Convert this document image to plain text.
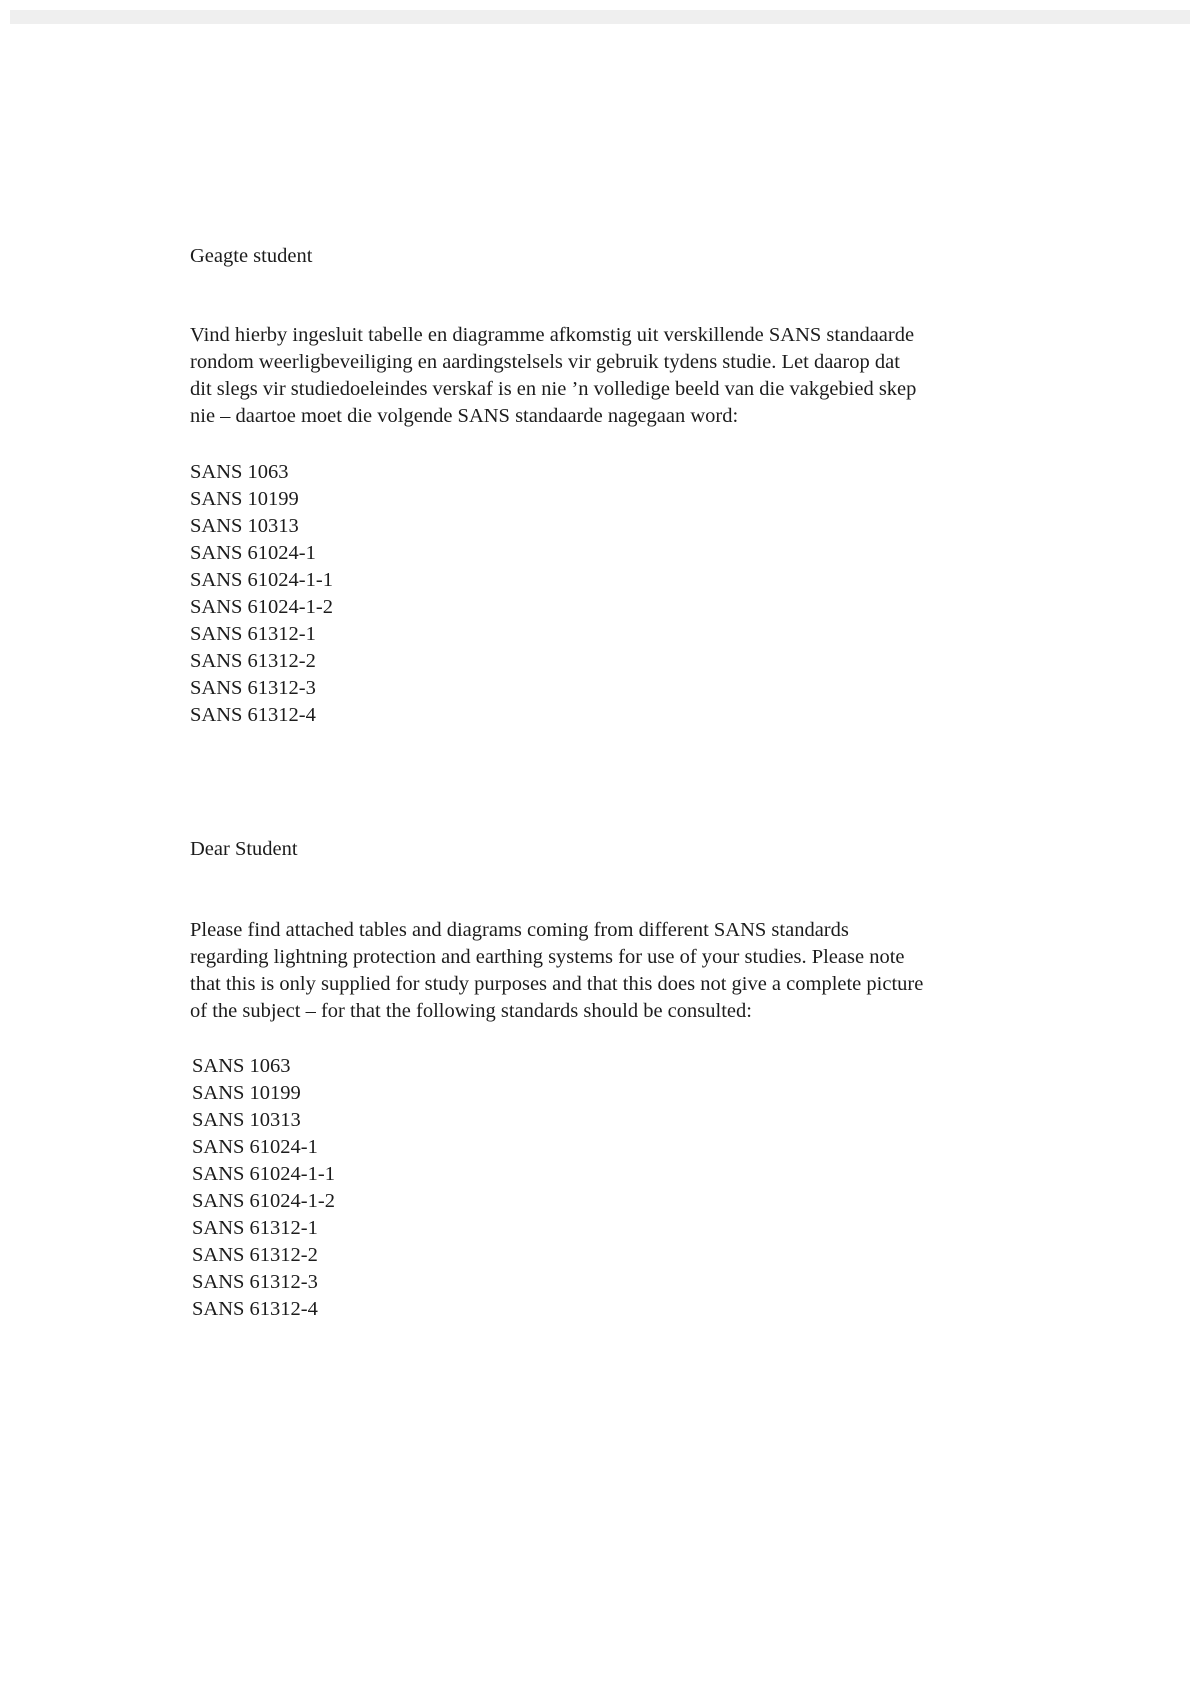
Geagte student

Vind hierby ingesluit tabelle en diagramme afkomstig uit verskillende SANS standaarde
rondom weerligbeveiliging en aardingstelsels vir gebruik tydens studie. Let daarop dat
dit slegs vir studiedoeleindes verskaf is en nie ’n volledige beeld van die vakgebied skep
nie – daartoe moet die volgende SANS standaarde nagegaan word:
SANS 1063
SANS 10199
SANS 10313
SANS 61024-1
SANS 61024-1-1
SANS 61024-1-2
SANS 61312-1
SANS 61312-2
SANS 61312-3
SANS 61312-4

Dear Student

Please find attached tables and diagrams coming from different SANS standards
regarding lightning protection and earthing systems for use of your studies. Please note
that this is only supplied for study purposes and that this does not give a complete picture
of the subject – for that the following standards should be consulted:
SANS 1063
SANS 10199
SANS 10313
SANS 61024-1
SANS 61024-1-1
SANS 61024-1-2
SANS 61312-1
SANS 61312-2
SANS 61312-3
SANS 61312-4
